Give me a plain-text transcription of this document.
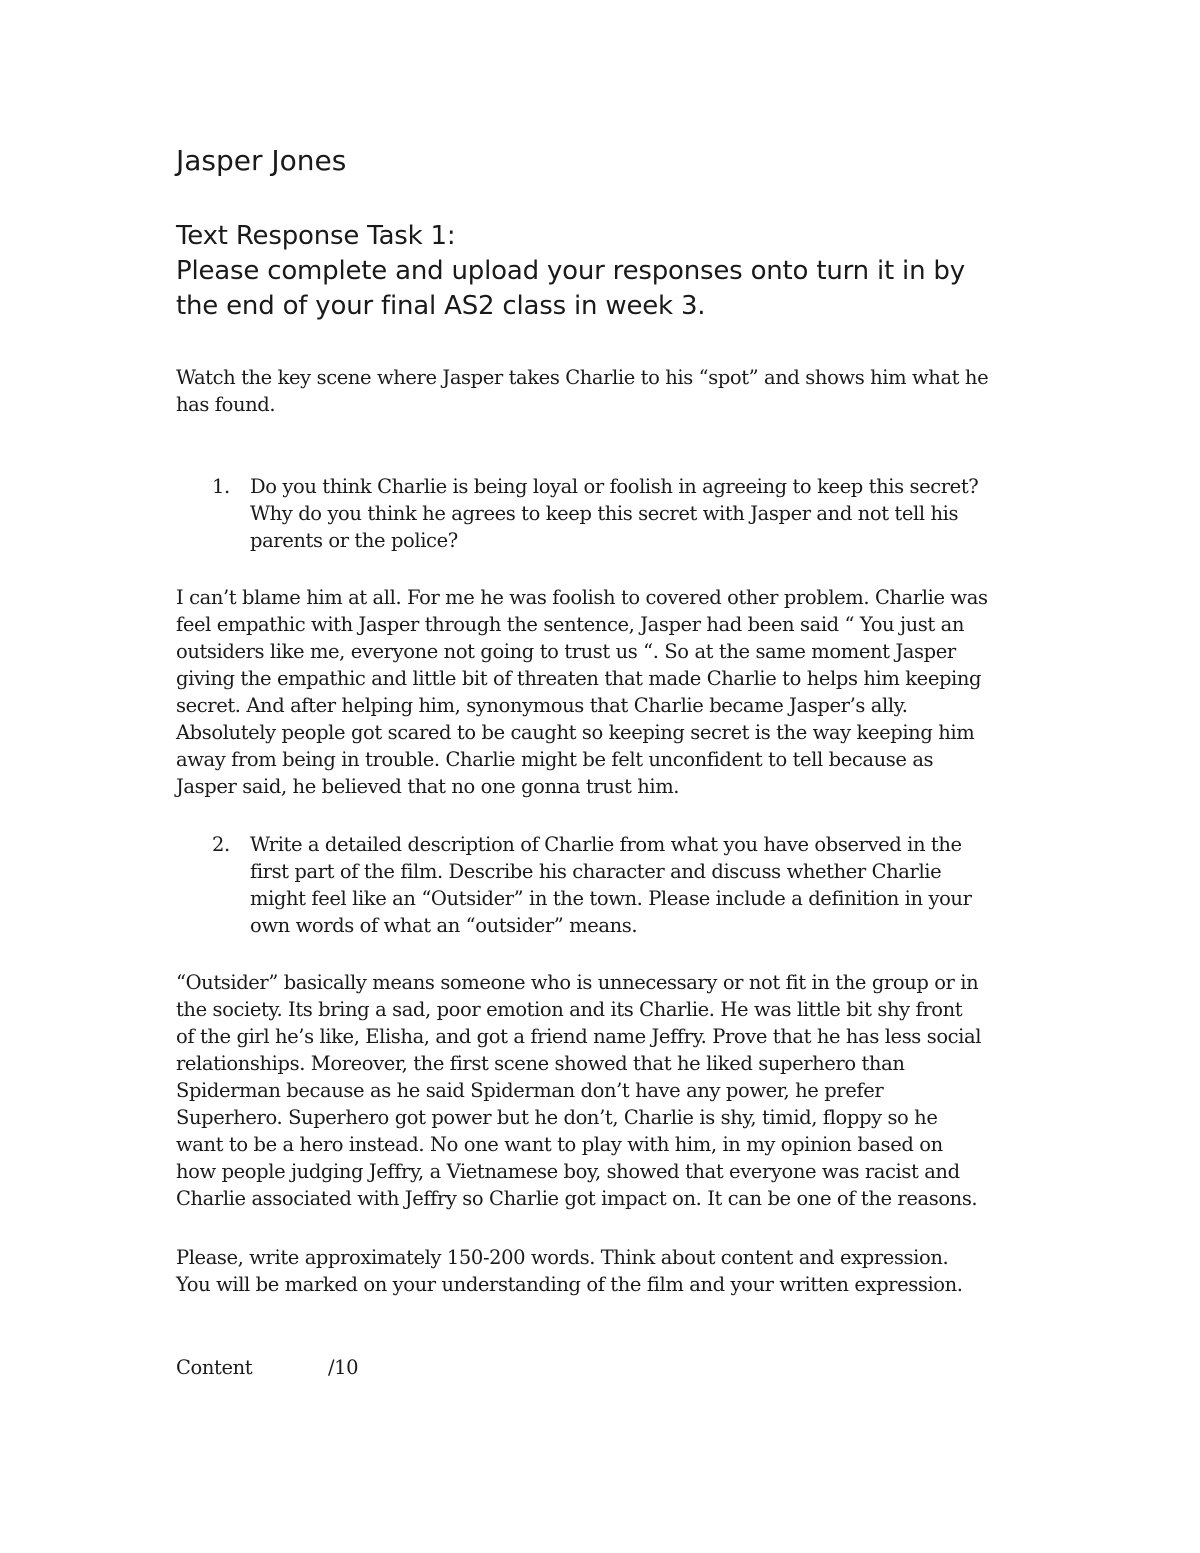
Jasper Jones
Text Response Task 1:
Please complete and upload your responses onto turn it in by
the end of your final AS2 class in week 3.
Watch the key scene where Jasper takes Charlie to his “spot” and shows him what he
has found.
1.	Do you think Charlie is being loyal or foolish in agreeing to keep this secret?
Why do you think he agrees to keep this secret with Jasper and not tell his
parents or the police?
I can’t blame him at all. For me he was foolish to covered other problem. Charlie was
feel empathic with Jasper through the sentence, Jasper had been said “ You just an
outsiders like me, everyone not going to trust us “. So at the same moment Jasper
giving the empathic and little bit of threaten that made Charlie to helps him keeping
secret. And after helping him, synonymous that Charlie became Jasper’s ally.
Absolutely people got scared to be caught so keeping secret is the way keeping him
away from being in trouble. Charlie might be felt unconfident to tell because as
Jasper said, he believed that no one gonna trust him.
2.	Write a detailed description of Charlie from what you have observed in the
first part of the film. Describe his character and discuss whether Charlie
might feel like an “Outsider” in the town. Please include a definition in your
own words of what an “outsider” means.
“Outsider” basically means someone who is unnecessary or not fit in the group or in
the society. Its bring a sad, poor emotion and its Charlie. He was little bit shy front
of the girl he’s like, Elisha, and got a friend name Jeffry. Prove that he has less social
relationships. Moreover, the first scene showed that he liked superhero than
Spiderman because as he said Spiderman don’t have any power, he prefer
Superhero. Superhero got power but he don’t, Charlie is shy, timid, floppy so he
want to be a hero instead. No one want to play with him, in my opinion based on
how people judging Jeffry, a Vietnamese boy, showed that everyone was racist and
Charlie associated with Jeffry so Charlie got impact on. It can be one of the reasons.
Please, write approximately 150-200 words. Think about content and expression.
You will be marked on your understanding of the film and your written expression.
Content	/10
